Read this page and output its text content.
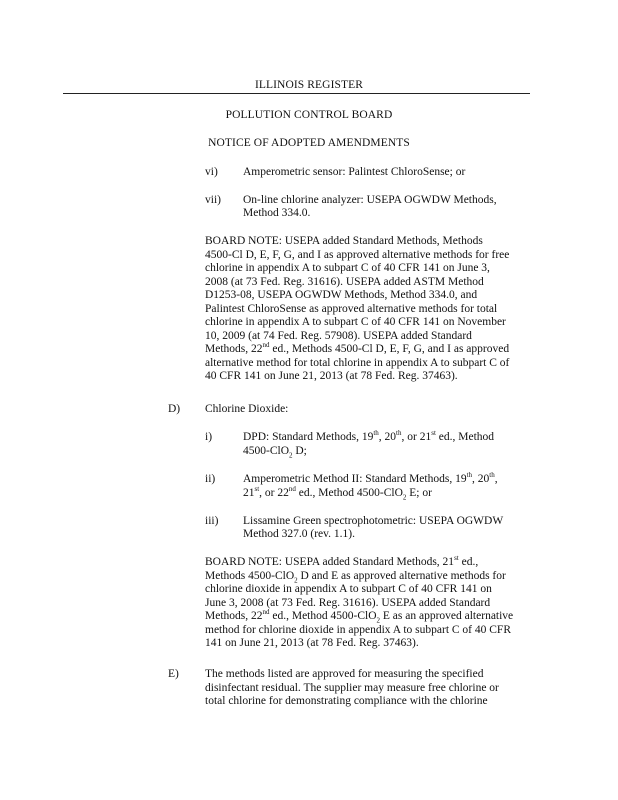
ILLINOIS REGISTER
POLLUTION CONTROL BOARD
NOTICE OF ADOPTED AMENDMENTS
vi) Amperometric sensor: Palintest ChloroSense; or
vii) On-line chlorine analyzer: USEPA OGWDW Methods,
Method 334.0.
BOARD NOTE: USEPA added Standard Methods, Methods
4500-Cl D, E, F, G, and I as approved alternative methods for free
chlorine in appendix A to subpart C of 40 CFR 141 on June 3,
2008 (at 73 Fed. Reg. 31616). USEPA added ASTM Method
D1253-08, USEPA OGWDW Methods, Method 334.0, and
Palintest ChloroSense as approved alternative methods for total
chlorine in appendix A to subpart C of 40 CFR 141 on November
10, 2009 (at 74 Fed. Reg. 57908). USEPA added Standard
Methods, 22nd ed., Methods 4500-Cl D, E, F, G, and I as approved
alternative method for total chlorine in appendix A to subpart C of
40 CFR 141 on June 21, 2013 (at 78 Fed. Reg. 37463).
D) Chlorine Dioxide:
i)	DPD: Standard Methods, 19th, 20th, or 21st ed., Method
4500-ClO$_2$ D;
ii) Amperometric Method II: Standard Methods, 19th, 20th,
21st, or 22nd ed., Method 4500-ClO$_2$ E; or
iii) Lissamine Green spectrophotometric: USEPA OGWDW
Method 327.0 (rev. 1.1).
BOARD NOTE: USEPA added Standard Methods, 21st ed.,
Methods 4500-ClO$_2$ D and E as approved alternative methods for
chlorine dioxide in appendix A to subpart C of 40 CFR 141 on
June 3, 2008 (at 73 Fed. Reg. 31616). USEPA added Standard
Methods, 22nd ed., Method 4500-ClO$_2$ E as an approved alternative
method for chlorine dioxide in appendix A to subpart C of 40 CFR
141 on June 21, 2013 (at 78 Fed. Reg. 37463).
E) The methods listed are approved for measuring the specified
disinfectant residual. The supplier may measure free chlorine or
total chlorine for demonstrating compliance with the chlorine
